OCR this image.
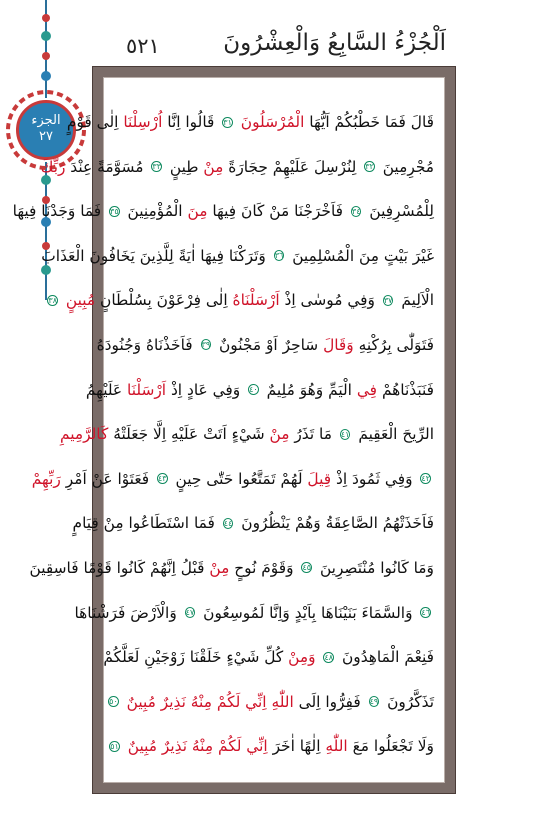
الجزء
٢٧
٥٢١	اَلْجُزْءُ السَّابِعُ وَالْعِشْرُونَ
قَالَ فَمَا خَطْبُكُمْ اَيُّهَا الْمُرْسَلُونَ ٣١ قَالُوا اِنَّا اُرْسِلْنَا اِلٰى قَوْمٍ
مُجْرِمِينَ ٣٢ لِنُرْسِلَ عَلَيْهِمْ حِجَارَةً مِنْ طِينٍ ٣٣ مُسَوَّمَةً عِنْدَ رَبِّكَ
لِلْمُسْرِفِينَ ٣٤ فَاَخْرَجْنَا مَنْ كَانَ فِيهَا مِنَ الْمُؤْمِنِينَ ٣٥ فَمَا وَجَدْنَا فِيهَا
غَيْرَ بَيْتٍ مِنَ الْمُسْلِمِينَ ٣٦ وَتَرَكْنَا فِيهَا اٰيَةً لِلَّذِينَ يَخَافُونَ الْعَذَابَ
الْاَلِيمَ ٣٧ وَفِي مُوسٰى اِذْ اَرْسَلْنَاهُ اِلٰى فِرْعَوْنَ بِسُلْطَانٍ مُبِينٍ ٣٨
فَتَوَلّٰى بِرُكْنِهِ وَقَالَ سَاحِرٌ اَوْ مَجْنُونٌ ٣٩ فَاَخَذْنَاهُ وَجُنُودَهُ
فَنَبَذْنَاهُمْ فِي الْيَمِّ وَهُوَ مُلِيمٌ ٤٠ وَفِي عَادٍ اِذْ اَرْسَلْنَا عَلَيْهِمُ
الرِّيحَ الْعَقِيمَ ٤١ مَا تَذَرُ مِنْ شَيْءٍ اَتَتْ عَلَيْهِ اِلَّا جَعَلَتْهُ كَالرَّمِيمِ
٤٢ وَفِي ثَمُودَ اِذْ قِيلَ لَهُمْ تَمَتَّعُوا حَتّٰى حِينٍ ٤٣ فَعَتَوْا عَنْ اَمْرِ رَبِّهِمْ
فَاَخَذَتْهُمُ الصَّاعِقَةُ وَهُمْ يَنْظُرُونَ ٤٤ فَمَا اسْتَطَاعُوا مِنْ قِيَامٍ
وَمَا كَانُوا مُنْتَصِرِينَ ٤٥ وَقَوْمَ نُوحٍ مِنْ قَبْلُ اِنَّهُمْ كَانُوا قَوْمًا فَاسِقِينَ
٤٦ وَالسَّمَاءَ بَنَيْنَاهَا بِاَيْدٍ وَاِنَّا لَمُوسِعُونَ ٤٧ وَالْاَرْضَ فَرَشْنَاهَا
فَنِعْمَ الْمَاهِدُونَ ٤٨ وَمِنْ كُلِّ شَيْءٍ خَلَقْنَا زَوْجَيْنِ لَعَلَّكُمْ
تَذَكَّرُونَ ٤٩ فَفِرُّوا اِلَى اللّٰهِ اِنِّي لَكُمْ مِنْهُ نَذِيرٌ مُبِينٌ ٥٠
وَلَا تَجْعَلُوا مَعَ اللّٰهِ اِلٰهًا اٰخَرَ اِنِّي لَكُمْ مِنْهُ نَذِيرٌ مُبِينٌ ٥١
